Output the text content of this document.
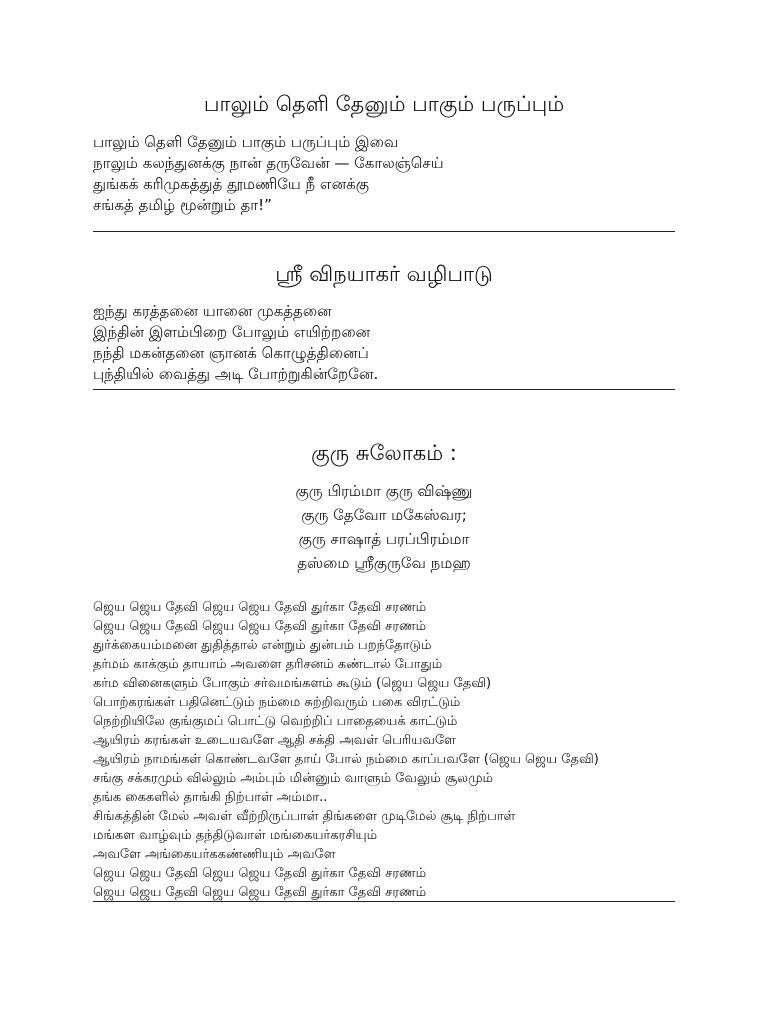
பாலும் தெளி தேனும் பாகும் பருப்பும்
பாலும் தெளி தேனும் பாகும் பருப்பும் இவை
நாலும் கலந்துனக்கு நான் தருவேன் — கோலஞ்செய்
துங்கக் கரிமுகத்துத் தூமணியே நீ எனக்கு
சங்கத் தமிழ் மூன்றும் தா!”
ஸ்ரீ விநயாகர் வழிபாடு
ஐந்து கரத்தனை யானை முகத்தனை
இந்தின் இளம்பிறை போலும் எயிற்றனை
நந்தி மகன்தனை ஞானக் கொழுத்தினைப்
புந்தியில் வைத்து அடி போற்றுகின்றேனே.
குரு சுலோகம் :
குரு பிரம்மா குரு விஷ்ணு
குரு தேவோ மகேஸ்வர;
குரு சாஷாத் பரப்பிரம்மா
தஸ்மை ஸ்ரீகுருவே நமஹ
ஜெய ஜெய தேவி ஜெய ஜெய தேவி துர்கா தேவி சரணம்
ஜெய ஜெய தேவி ஜெய ஜெய தேவி துர்கா தேவி சரணம்
துர்க்கையம்மனை துதித்தால் என்றும் துன்பம் பறந்தோடும்
தர்மம் காக்கும் தாயாம் அவளை தரிசனம் கண்டால் போதும்
கர்ம வினைகளும் போகும் சர்வமங்களம் கூடும் (ஜெய ஜெய தேவி)
பொற்கரங்கள் பதினெட்டும் நம்மை சுற்றிவரும் பகை விரட்டும்
நெற்றியிலே குங்குமப் பொட்டு வெற்றிப் பாதையைக் காட்டும்
ஆயிரம் கரங்கள் உடையவளே ஆதி சக்தி அவள் பெரியவளே
ஆயிரம் நாமங்கள் கொண்டவளே தாய் போல் நம்மை காப்பவளே (ஜெய ஜெய தேவி)
சங்கு சக்கரமும் வில்லும் அம்பும் மின்னும் வாளும் வேலும் சூலமும்
தங்க கைகளில் தாங்கி நிற்பாள் அம்மா..
சிங்கத்தின் மேல் அவள் வீற்றிருப்பாள் திங்களை முடிமேல் சூடி நிற்பாள்
மங்கள வாழ்வும் தந்திடுவாள் மங்கையர்கரசியும்
அவளே அங்கையர்ககண்ணியும் அவளே
ஜெய ஜெய தேவி ஜெய ஜெய தேவி துர்கா தேவி சரணம்
ஜெய ஜெய தேவி ஜெய ஜெய தேவி துர்கா தேவி சரணம்
